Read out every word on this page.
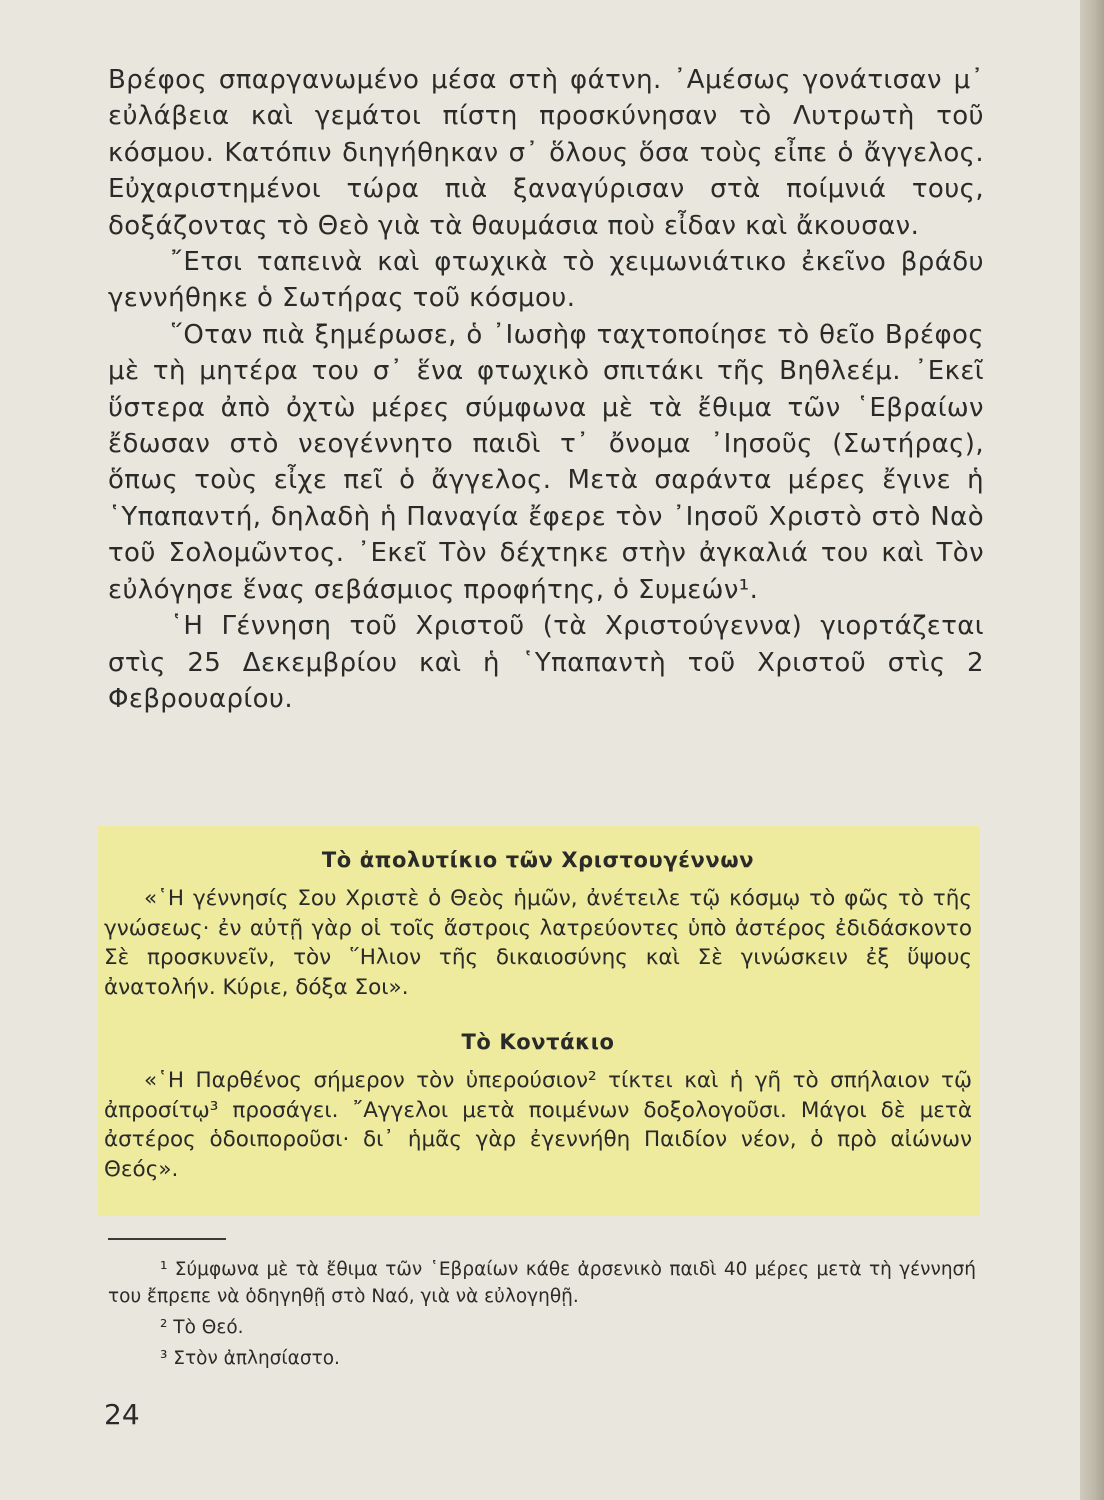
Βρέφος σπαργανωμένο μέσα στὴ φάτνη. ᾿Αμέσως γονάτισαν μ᾿ εὐλάβεια καὶ γεμάτοι πίστη προσκύνησαν τὸ Λυτρωτὴ τοῦ κόσμου. Κατόπιν διηγήθηκαν σ᾿ ὅλους ὅσα τοὺς εἶπε ὁ ἄγγελος. Εὐχαριστημένοι τώρα πιὰ ξαναγύρισαν στὰ ποίμνιά τους, δοξάζοντας τὸ Θεὸ γιὰ τὰ θαυμάσια ποὺ εἶδαν καὶ ἄκουσαν.

῎Ετσι ταπεινὰ καὶ φτωχικὰ τὸ χειμωνιάτικο ἐκεῖνο βράδυ γεννήθηκε ὁ Σωτήρας τοῦ κόσμου.

῞Οταν πιὰ ξημέρωσε, ὁ ᾿Ιωσὴφ ταχτοποίησε τὸ θεῖο Βρέφος μὲ τὴ μητέρα του σ᾿ ἕνα φτωχικὸ σπιτάκι τῆς Βηθλεέμ. ᾿Εκεῖ ὕστερα ἀπὸ ὀχτὼ μέρες σύμφωνα μὲ τὰ ἔθιμα τῶν ῾Εβραίων ἔδωσαν στὸ νεογέννητο παιδὶ τ᾿ ὄνομα ᾿Ιησοῦς (Σωτήρας), ὅπως τοὺς εἶχε πεῖ ὁ ἄγγελος. Μετὰ σαράντα μέρες ἔγινε ἡ ῾Υπαπαντή, δηλαδὴ ἡ Παναγία ἔφερε τὸν ᾿Ιησοῦ Χριστὸ στὸ Ναὸ τοῦ Σολομῶντος. ᾿Εκεῖ Τὸν δέχτηκε στὴν ἀγκαλιά του καὶ Τὸν εὐλόγησε ἕνας σεβάσμιος προφήτης, ὁ Συμεών¹.

῾Η Γέννηση τοῦ Χριστοῦ (τὰ Χριστούγεννα) γιορτάζεται στὶς 25 Δεκεμβρίου καὶ ἡ ῾Υπαπαντὴ τοῦ Χριστοῦ στὶς 2 Φεβρουαρίου.

Τὸ ἀπολυτίκιο τῶν Χριστουγέννων

«῾Η γέννησίς Σου Χριστὲ ὁ Θεὸς ἡμῶν, ἀνέτειλε τῷ κόσμῳ τὸ φῶς τὸ τῆς γνώσεως· ἐν αὐτῇ γὰρ οἱ τοῖς ἄστροις λατρεύοντες ὑπὸ ἀστέρος ἐδιδάσκοντο Σὲ προσκυνεῖν, τὸν ῞Ηλιον τῆς δικαιοσύνης καὶ Σὲ γινώσκειν ἐξ ὕψους ἀνατολήν. Κύριε, δόξα Σοι».

Τὸ Κοντάκιο

«῾Η Παρθένος σήμερον τὸν ὑπερούσιον² τίκτει καὶ ἡ γῆ τὸ σπήλαιον τῷ ἀπροσίτῳ³ προσάγει. ῎Αγγελοι μετὰ ποιμένων δοξολογοῦσι. Μάγοι δὲ μετὰ ἀστέρος ὁδοιποροῦσι· δι᾿ ἡμᾶς γὰρ ἐγεννήθη Παιδίον νέον, ὁ πρὸ αἰώνων Θεός».

¹ Σύμφωνα μὲ τὰ ἔθιμα τῶν ῾Εβραίων κάθε ἀρσενικὸ παιδὶ 40 μέρες μετὰ τὴ γέννησή του ἔπρεπε νὰ ὁδηγηθῇ στὸ Ναό, γιὰ νὰ εὐλογηθῇ.

² Τὸ Θεό.

³ Στὸν ἀπλησίαστο.

24
